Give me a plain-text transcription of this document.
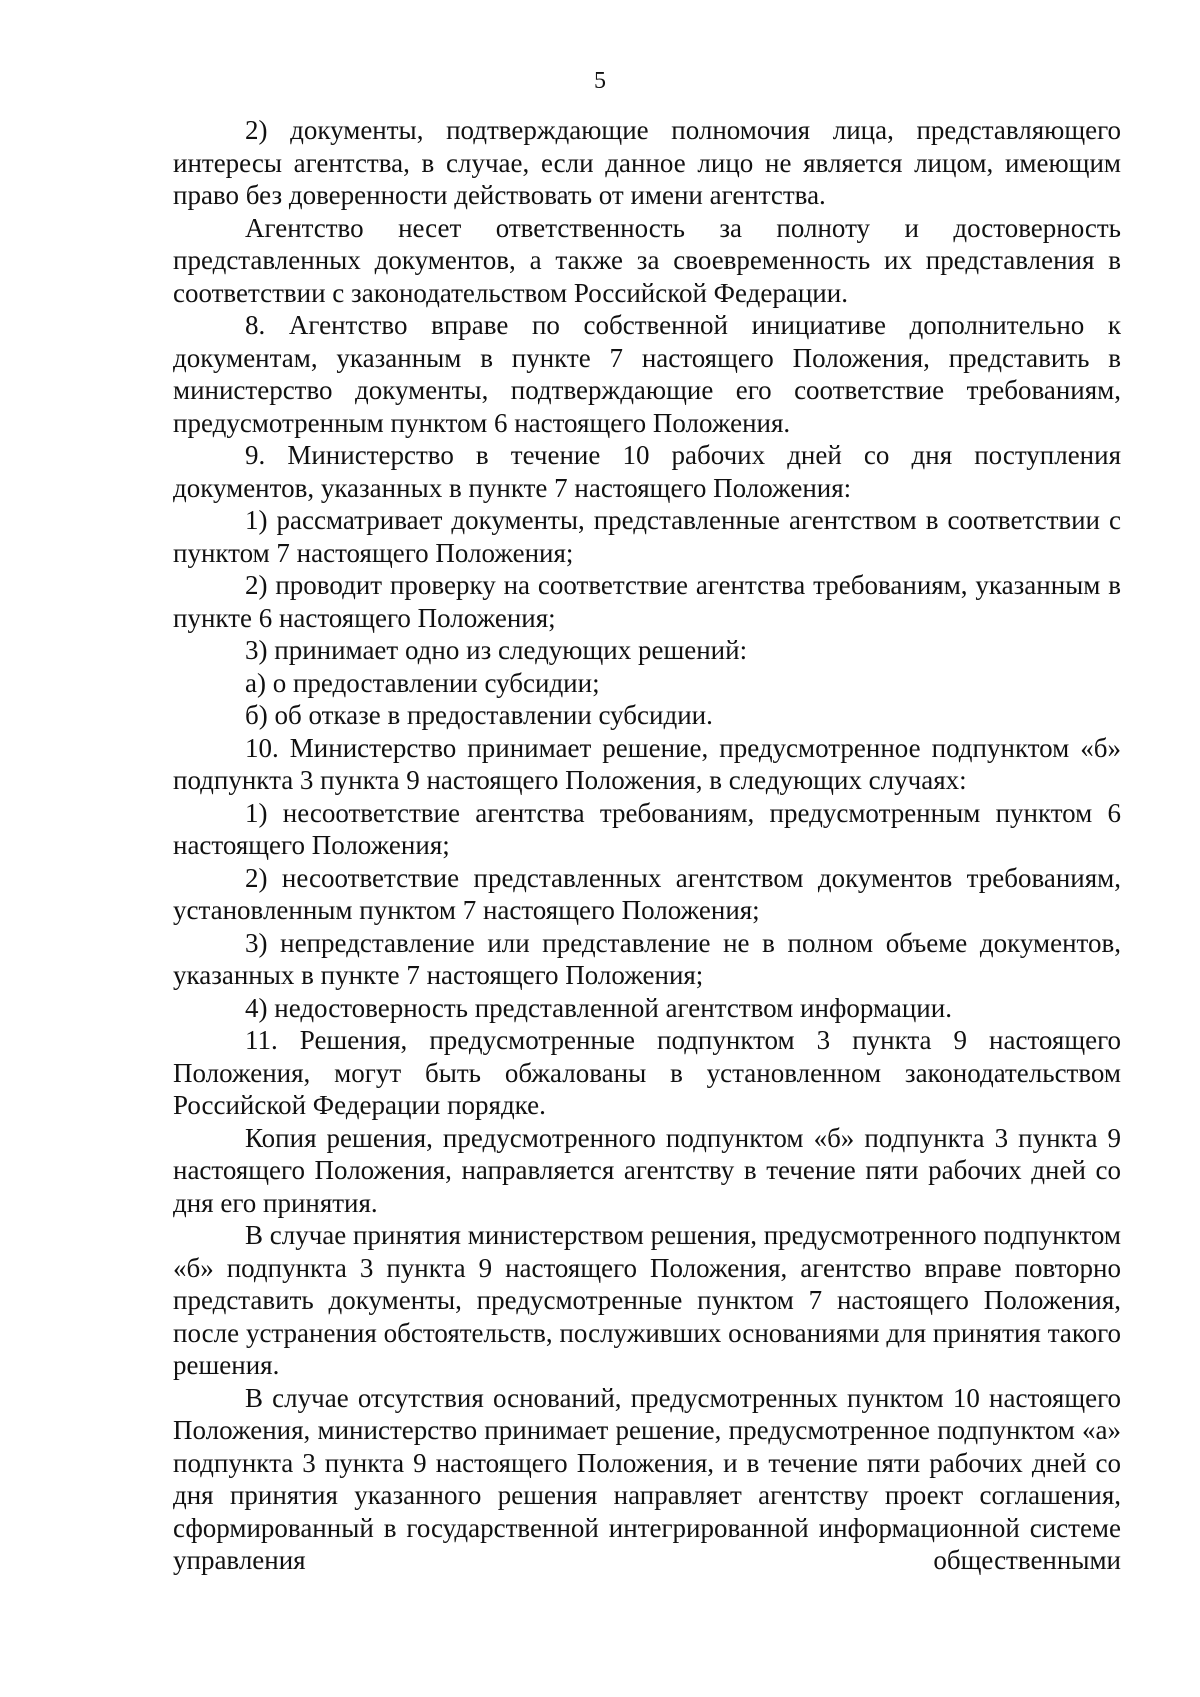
5

2) документы, подтверждающие полномочия лица, представляющего интересы агентства, в случае, если данное лицо не является лицом, имеющим право без доверенности действовать от имени агентства.

Агентство несет ответственность за полноту и достоверность представленных документов, а также за своевременность их представления в соответствии с законодательством Российской Федерации.

8. Агентство вправе по собственной инициативе дополнительно к документам, указанным в пункте 7 настоящего Положения, представить в министерство документы, подтверждающие его соответствие требованиям, предусмотренным пунктом 6 настоящего Положения.

9. Министерство в течение 10 рабочих дней со дня поступления документов, указанных в пункте 7 настоящего Положения:

1) рассматривает документы, представленные агентством в соответствии с пунктом 7 настоящего Положения;

2) проводит проверку на соответствие агентства требованиям, указанным в пункте 6 настоящего Положения;

3) принимает одно из следующих решений:

а) о предоставлении субсидии;

б) об отказе в предоставлении субсидии.

10. Министерство принимает решение, предусмотренное подпунктом «б» подпункта 3 пункта 9 настоящего Положения, в следующих случаях:

1) несоответствие агентства требованиям, предусмотренным пунктом 6 настоящего Положения;

2) несоответствие представленных агентством документов требованиям, установленным пунктом 7 настоящего Положения;

3) непредставление или представление не в полном объеме документов, указанных в пункте 7 настоящего Положения;

4) недостоверность представленной агентством информации.

11. Решения, предусмотренные подпунктом 3 пункта 9 настоящего Положения, могут быть обжалованы в установленном законодательством Российской Федерации порядке.

Копия решения, предусмотренного подпунктом «б» подпункта 3 пункта 9 настоящего Положения, направляется агентству в течение пяти рабочих дней со дня его принятия.

В случае принятия министерством решения, предусмотренного подпунктом «б» подпункта 3 пункта 9 настоящего Положения, агентство вправе повторно представить документы, предусмотренные пунктом 7 настоящего Положения, после устранения обстоятельств, послуживших основаниями для принятия такого решения.

В случае отсутствия оснований, предусмотренных пунктом 10 настоящего Положения, министерство принимает решение, предусмотренное подпунктом «а» подпункта 3 пункта 9 настоящего Положения, и в течение пяти рабочих дней со дня принятия указанного решения направляет агентству проект соглашения, сформированный в государственной интегрированной информационной системе управления общественными
